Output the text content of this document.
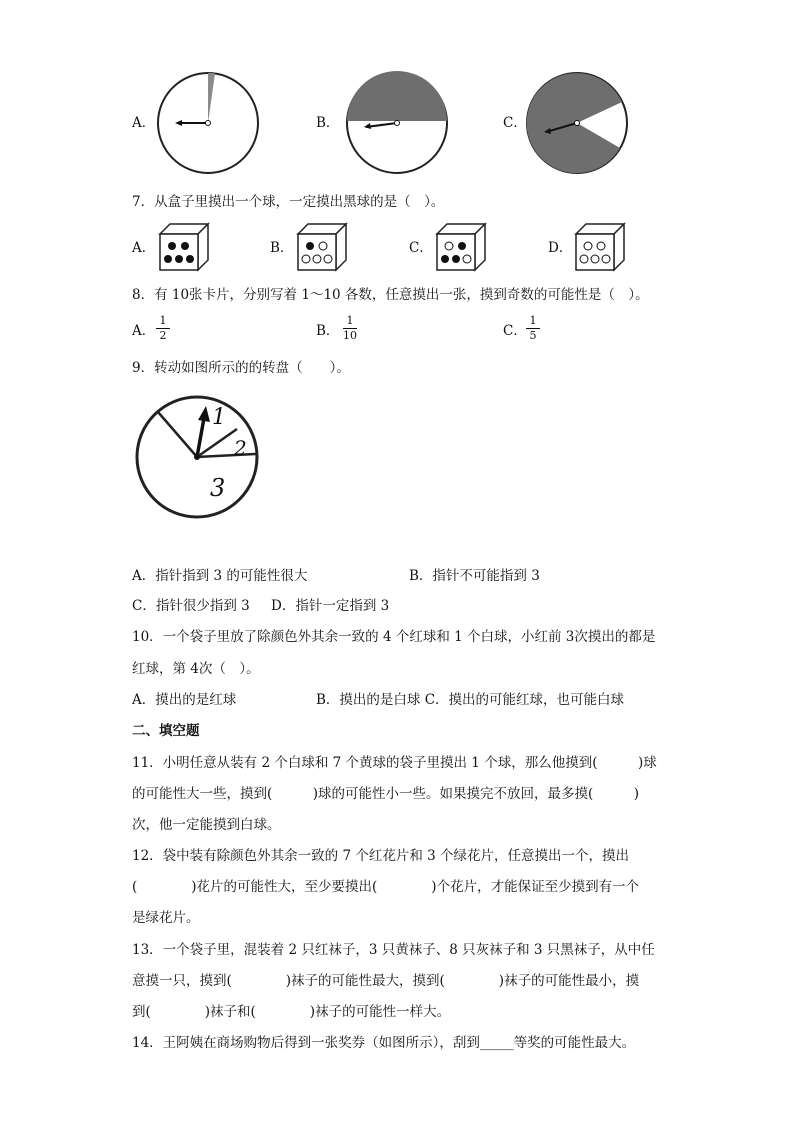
A．	B．	C．
7．从盒子里摸出一个球，一定摸出黑球的是（　）。
A．	B．	C．	D．
8．有 10张卡片，分别写着 1～10 各数，任意摸出一张，摸到奇数的可能性是（　）。
A．
1
2	B．
1
10	C．
1
5
9．转动如图所示的的转盘（　　）。
1
2
3
A．指针指到 3 的可能性很大	B．指针不可能指到 3
C．指针很少指到 3 D．指针一定指到 3
10．一个袋子里放了除颜色外其余一致的 4 个红球和 1 个白球，小红前 3次摸出的都是
红球，第 4次（　）。
A．摸出的是红球	B．摸出的是白球 C．摸出的可能红球，也可能白球
二、填空题
11．小明任意从装有 2 个白球和 7 个黄球的袋子里摸出 1 个球，那么他摸到(　　　)球
的可能性大一些，摸到(　　　)球的可能性小一些。如果摸完不放回，最多摸(　　　)
次，他一定能摸到白球。
12．袋中装有除颜色外其余一致的 7 个红花片和 3 个绿花片，任意摸出一个，摸出
(　　　　)花片的可能性大，至少要摸出(　　　　)个花片，才能保证至少摸到有一个
是绿花片。
13．一个袋子里，混装着 2 只红袜子，3 只黄袜子、8 只灰袜子和 3 只黑袜子，从中任
意摸一只，摸到(　　　　)袜子的可能性最大，摸到(　　　　)袜子的可能性最小，摸
到(　　　　)袜子和(　　　　)袜子的可能性一样大。
14．王阿姨在商场购物后得到一张奖券（如图所示），刮到_____等奖的可能性最大。
